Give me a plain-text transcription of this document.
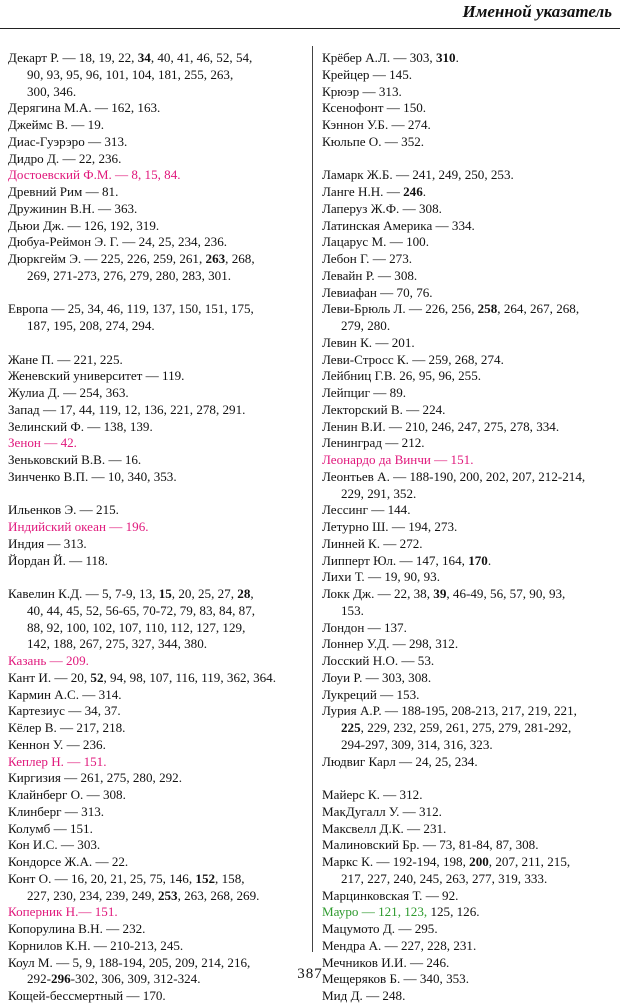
Именной указатель

Декарт Р. — 18, 19, 22, 34, 40, 41, 46, 52, 54,
90, 93, 95, 96, 101, 104, 181, 255, 263,
300, 346.

Дерягина М.А. — 162, 163.

Джеймс В. — 19.

Диас-Гуэрэро — 313.

Дидро Д. — 22, 236.

Достоевский Ф.М. — 8, 15, 84.

Древний Рим — 81.

Дружинин В.Н. — 363.

Дьюи Дж. — 126, 192, 319.

Дюбуа-Реймон Э. Г. — 24, 25, 234, 236.

Дюркгейм Э. — 225, 226, 259, 261, 263, 268,
269, 271-273, 276, 279, 280, 283, 301.

Европа — 25, 34, 46, 119, 137, 150, 151, 175,
187, 195, 208, 274, 294.

Жане П. — 221, 225.

Женевский университет — 119.

Жулиа Д. — 254, 363.

Запад — 17, 44, 119, 12, 136, 221, 278, 291.

Зелинский Ф. — 138, 139.

Зенон — 42.

Зеньковский В.В. — 16.

Зинченко В.П. — 10, 340, 353.

Ильенков Э. — 215.

Индийский океан — 196.

Индия — 313.

Йордан Й. — 118.

Кавелин К.Д. — 5, 7-9, 13, 15, 20, 25, 27, 28,
40, 44, 45, 52, 56-65, 70-72, 79, 83, 84, 87,
88, 92, 100, 102, 107, 110, 112, 127, 129,
142, 188, 267, 275, 327, 344, 380.

Казань — 209.

Кант И. — 20, 52, 94, 98, 107, 116, 119, 362, 364.

Кармин А.С. — 314.

Картезиус — 34, 37.

Кёлер В. — 217, 218.

Кеннон У. — 236.

Кеплер Н. — 151.

Киргизия — 261, 275, 280, 292.

Клайнберг О. — 308.

Клинберг — 313.

Колумб — 151.

Кон И.С. — 303.

Кондорсе Ж.А. — 22.

Конт О. — 16, 20, 21, 25, 75, 146, 152, 158,
227, 230, 234, 239, 249, 253, 263, 268, 269.

Коперник Н.— 151.

Копорулина В.Н. — 232.

Корнилов К.Н. — 210-213, 245.

Коул М. — 5, 9, 188-194, 205, 209, 214, 216,
292-296-302, 306, 309, 312-324.

Кощей-бессмертный — 170.

Крёбер А.Л. — 303, 310.

Крейцер — 145.

Крюэр — 313.

Ксенофонт — 150.

Кэннон У.Б. — 274.

Кюльпе О. — 352.

Ламарк Ж.Б. — 241, 249, 250, 253.

Ланге Н.Н. — 246.

Лаперуз Ж.Ф. — 308.

Латинская Америка — 334.

Лацарус М. — 100.

Лебон Г. — 273.

Левайн Р. — 308.

Левиафан — 70, 76.

Леви-Брюль Л. — 226, 256, 258, 264, 267, 268,
279, 280.

Левин К. — 201.

Леви-Стросс К. — 259, 268, 274.

Лейбниц Г.В. 26, 95, 96, 255.

Лейпциг — 89.

Лекторский В. — 224.

Ленин В.И. — 210, 246, 247, 275, 278, 334.

Ленинград — 212.

Леонардо да Винчи — 151.

Леонтьев А. — 188-190, 200, 202, 207, 212-214,
229, 291, 352.

Лессинг — 144.

Летурно Ш. — 194, 273.

Линней К. — 272.

Липперт Юл. — 147, 164, 170.

Лихи Т. — 19, 90, 93.

Локк Дж. — 22, 38, 39, 46-49, 56, 57, 90, 93,
153.

Лондон — 137.

Лоннер У.Д. — 298, 312.

Лосский Н.О. — 53.

Лоуи Р. — 303, 308.

Лукреций — 153.

Лурия А.Р. — 188-195, 208-213, 217, 219, 221,
225, 229, 232, 259, 261, 275, 279, 281-292,
294-297, 309, 314, 316, 323.

Людвиг Карл — 24, 25, 234.

Майерс К. — 312.

МакДугалл У. — 312.

Максвелл Д.К. — 231.

Малиновский Бр. — 73, 81-84, 87, 308.

Маркс К. — 192-194, 198, 200, 207, 211, 215,
217, 227, 240, 245, 263, 277, 319, 333.

Марцинковская Т. — 92.

Мауро — 121, 123, 125, 126.

Мацумото Д. — 295.

Мендра А. — 227, 228, 231.

Мечников И.И. — 246.

Мещеряков Б. — 340, 353.

Мид Д. — 248.

387
